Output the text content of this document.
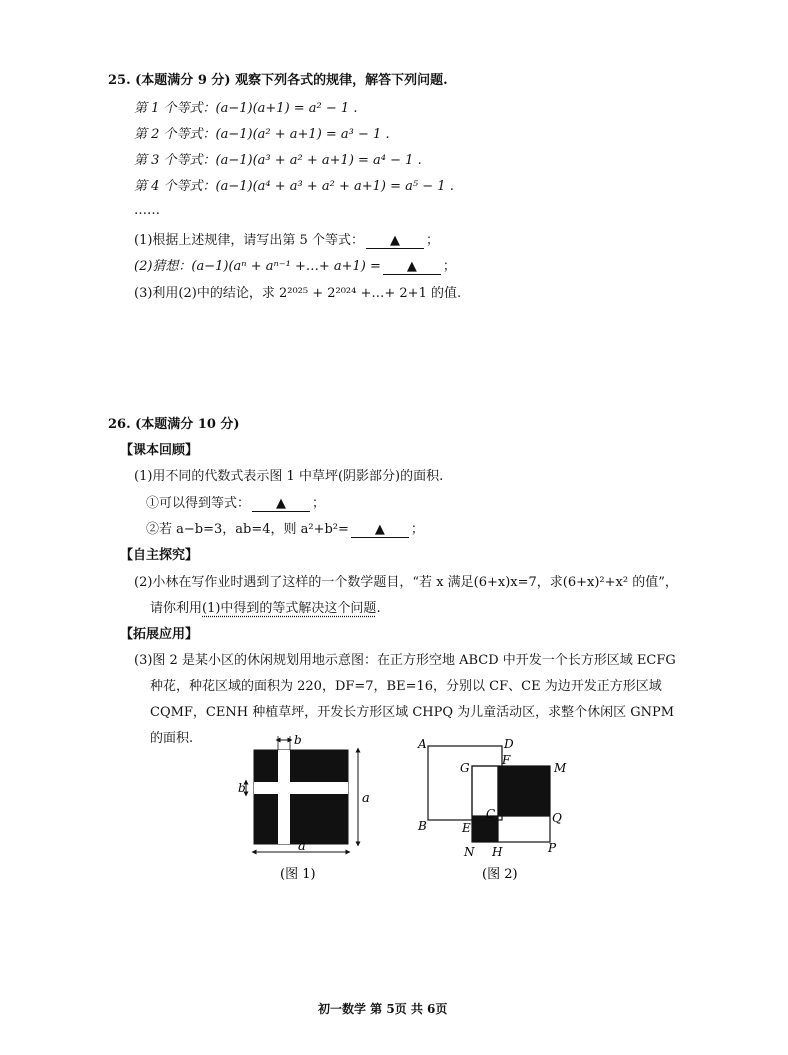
25. (本题满分 9 分) 观察下列各式的规律，解答下列问题.
第 1 个等式：(a−1)(a+1) = a² − 1 .
第 2 个等式：(a−1)(a² + a+1) = a³ − 1 .
第 3 个等式：(a−1)(a³ + a² + a+1) = a⁴ − 1 .
第 4 个等式：(a−1)(a⁴ + a³ + a² + a+1) = a⁵ − 1 .
……
(1)根据上述规律，请写出第 5 个等式： ▲ ；
(2)猜想：(a−1)(aⁿ + aⁿ⁻¹ +…+ a+1) = ▲ ；
(3)利用(2)中的结论，求 2²⁰²⁵ + 2²⁰²⁴ +…+ 2+1 的值.
26. (本题满分 10 分)
【课本回顾】
(1)用不同的代数式表示图 1 中草坪(阴影部分)的面积.
①可以得到等式： ▲ ；
②若 a−b=3，ab=4，则 a²+b²= ▲ ；
【自主探究】
(2)小林在写作业时遇到了这样的一个数学题目，“若 x 满足(6+x)x=7，求(6+x)²+x² 的值”，
请你利用(1)中得到的等式解决这个问题.
【拓展应用】
(3)图 2 是某小区的休闲规划用地示意图：在正方形空地 ABCD 中开发一个长方形区域 ECFG
种花，种花区域的面积为 220，DF=7，BE=16，分别以 CF、CE 为边开发正方形区域
CQMF，CENH 种植草坪，开发长方形区域 CHPQ 为儿童活动区，求整个休闲区 GNPM
的面积.	b
b
a
a
(图 1)
A	D
F
G	M
C
B	E
Q
N H	P
(图 2)
初一数学 第 5页 共 6页
